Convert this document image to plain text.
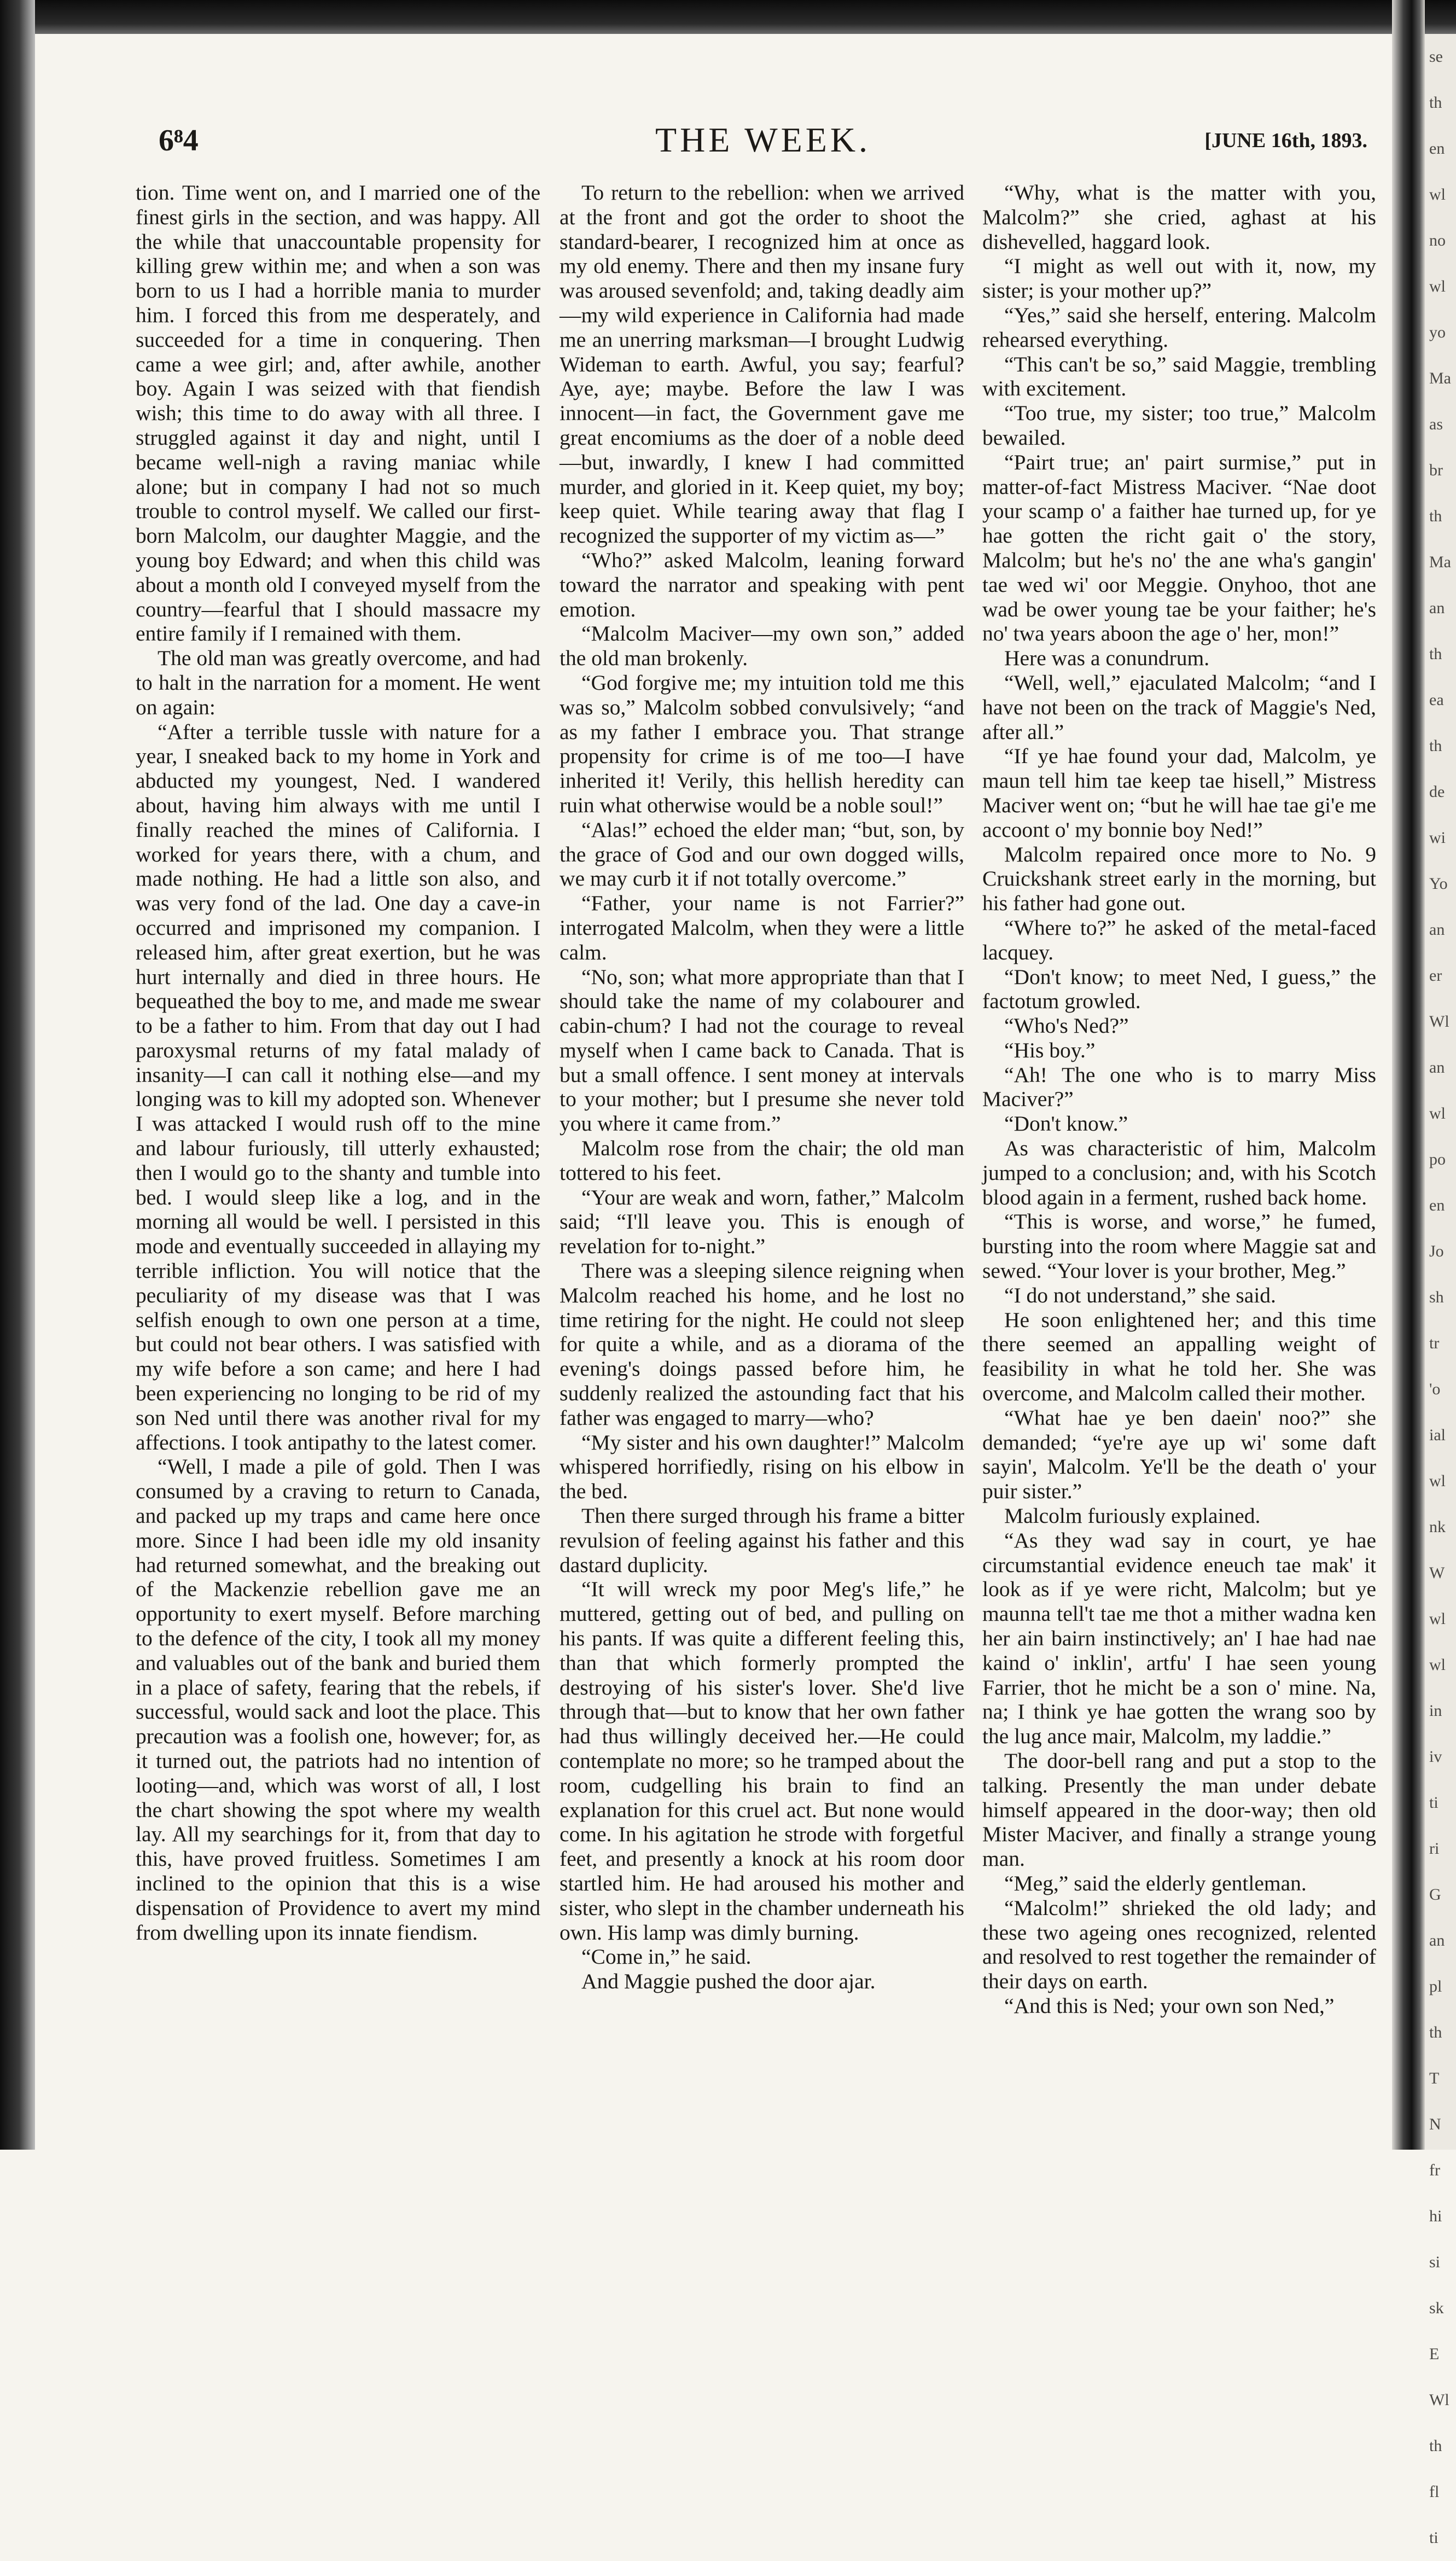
se
th
en
wl
no
wl
yo
Ma
as
br
th
Ma
an
th
ea
th
de
wi
Yo
an
er
Wl
an
wl
po
en
Jo
sh
tr
'o
ial
wl
nk
W
wl
wl
in
iv
ti
ri
G
an
pl
th
T
N
fr
hi
si
sk
E
Wl
th
fl
ti
6⁸4	THE WEEK.	[JUNE 16th, 1893.

tion. Time went on, and I married one of the finest girls in the section, and was happy. All the while that unaccountable propensity for killing grew within me; and when a son was born to us I had a horrible mania to murder him. I forced this from me desperately, and succeeded for a time in conquering. Then came a wee girl; and, after awhile, another boy. Again I was seized with that fiendish wish; this time to do away with all three. I struggled against it day and night, until I became well-nigh a raving maniac while alone; but in company I had not so much trouble to control myself. We called our first-born Malcolm, our daughter Maggie, and the young boy Edward; and when this child was about a month old I conveyed myself from the country—fearful that I should massacre my entire family if I remained with them.

The old man was greatly overcome, and had to halt in the narration for a moment. He went on again:

“After a terrible tussle with nature for a year, I sneaked back to my home in York and abducted my youngest, Ned. I wandered about, having him always with me until I finally reached the mines of California. I worked for years there, with a chum, and made nothing. He had a little son also, and was very fond of the lad. One day a cave-in occurred and imprisoned my companion. I released him, after great exertion, but he was hurt internally and died in three hours. He bequeathed the boy to me, and made me swear to be a father to him. From that day out I had paroxysmal returns of my fatal malady of insanity—I can call it nothing else—and my longing was to kill my adopted son. Whenever I was attacked I would rush off to the mine and labour furiously, till utterly exhausted; then I would go to the shanty and tumble into bed. I would sleep like a log, and in the morning all would be well. I persisted in this mode and eventually succeeded in allaying my terrible infliction. You will notice that the peculiarity of my disease was that I was selfish enough to own one person at a time, but could not bear others. I was satisfied with my wife before a son came; and here I had been experiencing no longing to be rid of my son Ned until there was another rival for my affections. I took antipathy to the latest comer.

“Well, I made a pile of gold. Then I was consumed by a craving to return to Canada, and packed up my traps and came here once more. Since I had been idle my old insanity had returned somewhat, and the breaking out of the Mackenzie rebellion gave me an opportunity to exert myself. Before marching to the defence of the city, I took all my money and valuables out of the bank and buried them in a place of safety, fearing that the rebels, if successful, would sack and loot the place. This precaution was a foolish one, however; for, as it turned out, the patriots had no intention of looting—and, which was worst of all, I lost the chart showing the spot where my wealth lay. All my searchings for it, from that day to this, have proved fruitless. Sometimes I am inclined to the opinion that this is a wise dispensation of Providence to avert my mind from dwelling upon its innate fiendism.

To return to the rebellion: when we arrived at the front and got the order to shoot the standard-bearer, I recognized him at once as my old enemy. There and then my insane fury was aroused sevenfold; and, taking deadly aim—my wild experience in California had made me an unerring marksman—I brought Ludwig Wideman to earth. Awful, you say; fearful? Aye, aye; maybe. Before the law I was innocent—in fact, the Government gave me great encomiums as the doer of a noble deed—but, inwardly, I knew I had committed murder, and gloried in it. Keep quiet, my boy; keep quiet. While tearing away that flag I recognized the supporter of my victim as—”

“Who?” asked Malcolm, leaning forward toward the narrator and speaking with pent emotion.

“Malcolm Maciver—my own son,” added the old man brokenly.

“God forgive me; my intuition told me this was so,” Malcolm sobbed convulsively; “and as my father I embrace you. That strange propensity for crime is of me too—I have inherited it! Verily, this hellish heredity can ruin what otherwise would be a noble soul!”

“Alas!” echoed the elder man; “but, son, by the grace of God and our own dogged wills, we may curb it if not totally overcome.”

“Father, your name is not Farrier?” interrogated Malcolm, when they were a little calm.

“No, son; what more appropriate than that I should take the name of my colabourer and cabin-chum? I had not the courage to reveal myself when I came back to Canada. That is but a small offence. I sent money at intervals to your mother; but I presume she never told you where it came from.”

Malcolm rose from the chair; the old man tottered to his feet.

“Your are weak and worn, father,” Malcolm said; “I'll leave you. This is enough of revelation for to-night.”

There was a sleeping silence reigning when Malcolm reached his home, and he lost no time retiring for the night. He could not sleep for quite a while, and as a diorama of the evening's doings passed before him, he suddenly realized the astounding fact that his father was engaged to marry—who?

“My sister and his own daughter!” Malcolm whispered horrifiedly, rising on his elbow in the bed.

Then there surged through his frame a bitter revulsion of feeling against his father and this dastard duplicity.

“It will wreck my poor Meg's life,” he muttered, getting out of bed, and pulling on his pants. If was quite a different feeling this, than that which formerly prompted the destroying of his sister's lover. She'd live through that—but to know that her own father had thus willingly deceived her.—He could contemplate no more; so he tramped about the room, cudgelling his brain to find an explanation for this cruel act. But none would come. In his agitation he strode with forgetful feet, and presently a knock at his room door startled him. He had aroused his mother and sister, who slept in the chamber underneath his own. His lamp was dimly burning.

“Come in,” he said.

And Maggie pushed the door ajar.

“Why, what is the matter with you, Malcolm?” she cried, aghast at his dishevelled, haggard look.

“I might as well out with it, now, my sister; is your mother up?”

“Yes,” said she herself, entering. Malcolm rehearsed everything.

“This can't be so,” said Maggie, trembling with excitement.

“Too true, my sister; too true,” Malcolm bewailed.

“Pairt true; an' pairt surmise,” put in matter-of-fact Mistress Maciver. “Nae doot your scamp o' a faither hae turned up, for ye hae gotten the richt gait o' the story, Malcolm; but he's no' the ane wha's gangin' tae wed wi' oor Meggie. Onyhoo, thot ane wad be ower young tae be your faither; he's no' twa years aboon the age o' her, mon!”

Here was a conundrum.

“Well, well,” ejaculated Malcolm; “and I have not been on the track of Maggie's Ned, after all.”

“If ye hae found your dad, Malcolm, ye maun tell him tae keep tae hisell,” Mistress Maciver went on; “but he will hae tae gi'e me accoont o' my bonnie boy Ned!”

Malcolm repaired once more to No. 9 Cruickshank street early in the morning, but his father had gone out.

“Where to?” he asked of the metal-faced lacquey.

“Don't know; to meet Ned, I guess,” the factotum growled.

“Who's Ned?”

“His boy.”

“Ah! The one who is to marry Miss Maciver?”

“Don't know.”

As was characteristic of him, Malcolm jumped to a conclusion; and, with his Scotch blood again in a ferment, rushed back home.

“This is worse, and worse,” he fumed, bursting into the room where Maggie sat and sewed. “Your lover is your brother, Meg.”

“I do not understand,” she said.

He soon enlightened her; and this time there seemed an appalling weight of feasibility in what he told her. She was overcome, and Malcolm called their mother.

“What hae ye ben daein' noo?” she demanded; “ye're aye up wi' some daft sayin', Malcolm. Ye'll be the death o' your puir sister.”

Malcolm furiously explained.

“As they wad say in court, ye hae circumstantial evidence eneuch tae mak' it look as if ye were richt, Malcolm; but ye maunna tell't tae me thot a mither wadna ken her ain bairn instinctively; an' I hae had nae kaind o' inklin', artfu' I hae seen young Farrier, thot he micht be a son o' mine. Na, na; I think ye hae gotten the wrang soo by the lug ance mair, Malcolm, my laddie.”

The door-bell rang and put a stop to the talking. Presently the man under debate himself appeared in the door-way; then old Mister Maciver, and finally a strange young man.

“Meg,” said the elderly gentleman.

“Malcolm!” shrieked the old lady; and these two ageing ones recognized, relented and resolved to rest together the remainder of their days on earth.

“And this is Ned; your own son Ned,”
